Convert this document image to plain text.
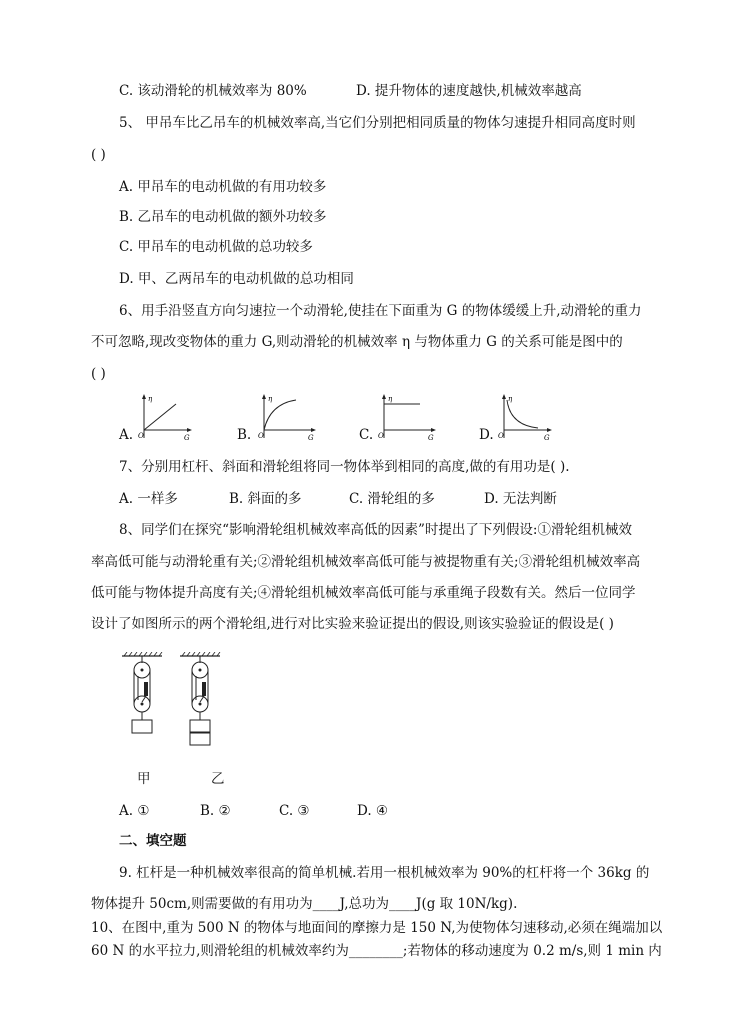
C. 该动滑轮的机械效率为 80%	D. 提升物体的速度越快,机械效率越高
5、 甲吊车比乙吊车的机械效率高,当它们分别把相同质量的物体匀速提升相同高度时则
( )
A. 甲吊车的电动机做的有用功较多
B. 乙吊车的电动机做的额外功较多
C. 甲吊车的电动机做的总功较多
D. 甲、乙两吊车的电动机做的总功相同
6、用手沿竖直方向匀速拉一个动滑轮,使挂在下面重为 G 的物体缓缓上升,动滑轮的重力
不可忽略,现改变物体的重力 G,则动滑轮的机械效率 η 与物体重力 G 的关系可能是图中的
( )
A.
η
O	G	B.
η
O	G	C.
η
O	G	D.
η
O	G
7、分别用杠杆、斜面和滑轮组将同一物体举到相同的高度,做的有用功是( ).
A. 一样多	B. 斜面的多	C. 滑轮组的多	D. 无法判断
8、同学们在探究“影响滑轮组机械效率高低的因素”时提出了下列假设:①滑轮组机械效
率高低可能与动滑轮重有关;②滑轮组机械效率高低可能与被提物重有关;③滑轮组机械效率高
低可能与物体提升高度有关;④滑轮组机械效率高低可能与承重绳子段数有关。然后一位同学
设计了如图所示的两个滑轮组,进行对比实验来验证提出的假设,则该实验验证的假设是( )
甲	乙
A. ①	B. ②	C. ③	D. ④
二、填空题
9. 杠杆是一种机械效率很高的简单机械.若用一根机械效率为 90%的杠杆将一个 36kg 的
物体提升 50cm,则需要做的有用功为____J,总功为____J(g 取 10N/kg).
10、在图中,重为 500 N 的物体与地面间的摩擦力是 150 N,为使物体匀速移动,必须在绳端加以
60 N 的水平拉力,则滑轮组的机械效率约为________;若物体的移动速度为 0.2 m/s,则 1 min 内
